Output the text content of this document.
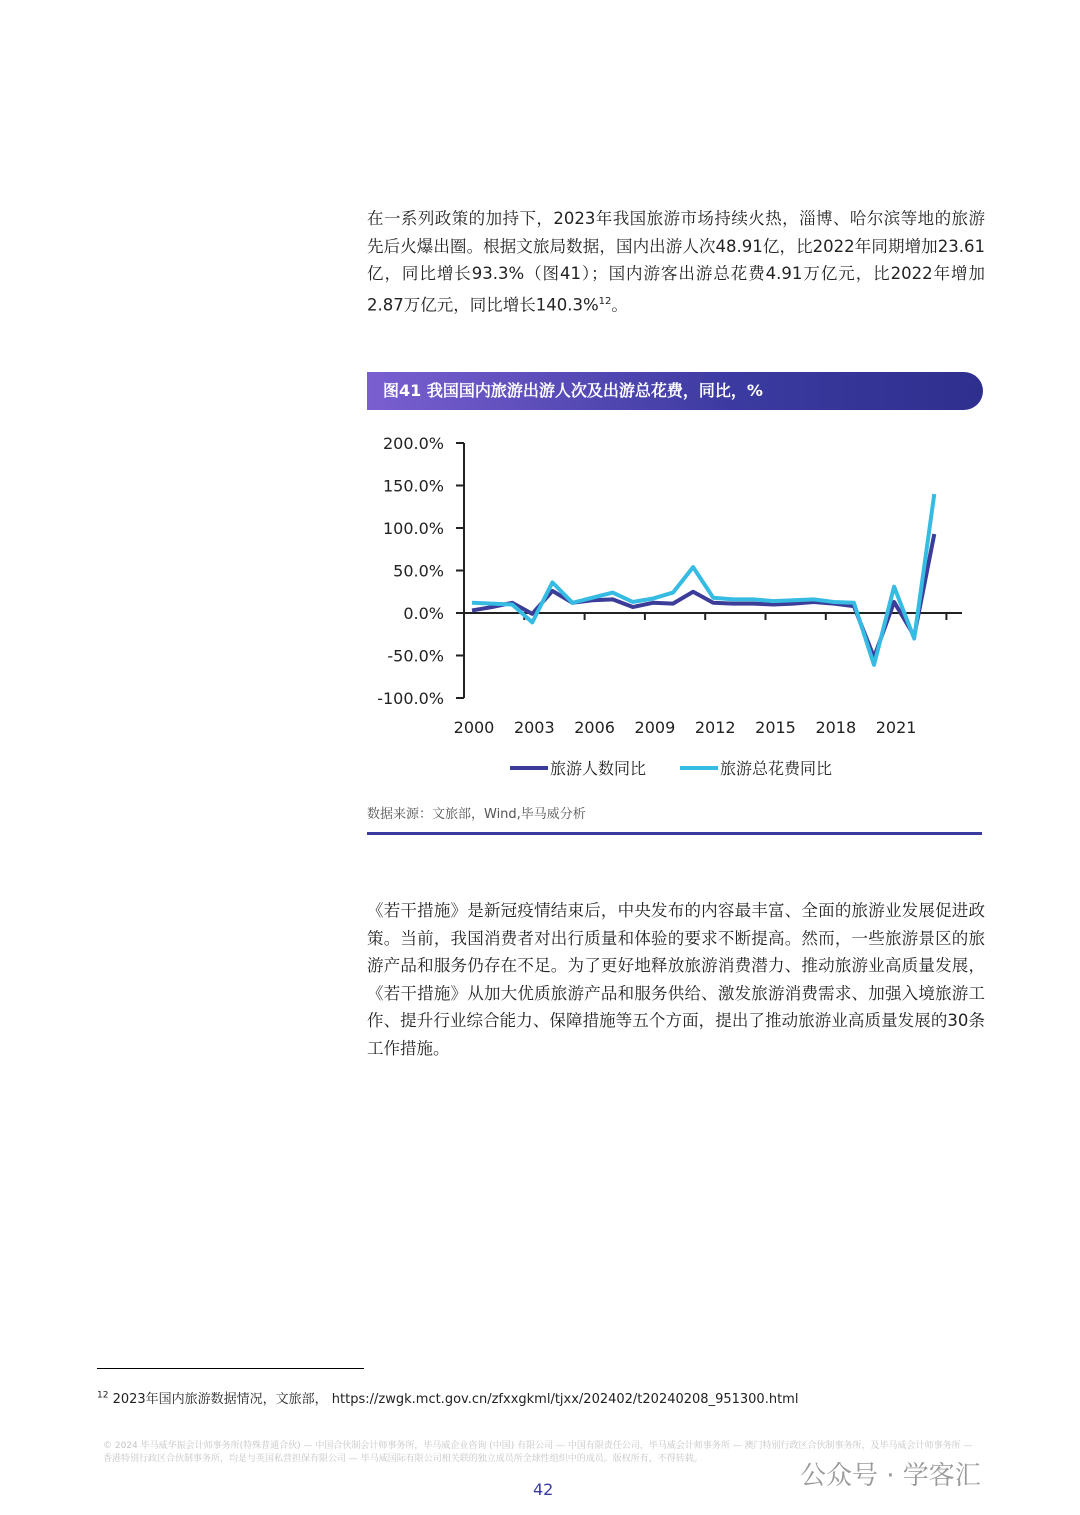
在一系列政策的加持下，2023年我国旅游市场持续火热，淄博、哈尔滨等地的旅游先后火爆出圈。根据文旅局数据，国内出游人次48.91亿，比2022年同期增加23.61亿，同比增长93.3%（图41）；国内游客出游总花费4.91万亿元，比2022年增加2.87万亿元，同比增长140.3%$^{12}$。

图41 我国国内旅游出游人次及出游总花费，同比，%
200.0%
150.0%
100.0%
50.0%
0.0%
-50.0%
-100.0%
2000 2003 2006 2009 2012 2015 2018 2021
旅游人数同比	旅游总花费同比
数据来源：文旅部，Wind,毕马威分析

《若干措施》是新冠疫情结束后，中央发布的内容最丰富、全面的旅游业发展促进政策。当前，我国消费者对出行质量和体验的要求不断提高。然而，一些旅游景区的旅游产品和服务仍存在不足。为了更好地释放旅游消费潜力、推动旅游业高质量发展，《若干措施》从加大优质旅游产品和服务供给、激发旅游消费需求、加强入境旅游工作、提升行业综合能力、保障措施等五个方面，提出了推动旅游业高质量发展的30条工作措施。

$^{12}$ 2023年国内旅游数据情况，文旅部， https://zwgk.mct.gov.cn/zfxxgkml/tjxx/202402/t20240208_951300.html
© 2024 毕马威华振会计师事务所(特殊普通合伙) — 中国合伙制会计师事务所，毕马威企业咨询 (中国) 有限公司 — 中国有限责任公司，毕马威会计师事务所 — 澳门特别行政区合伙制事务所，及毕马威会计师事务所 — 香港特别行政区合伙制事务所，均是与英国私营担保有限公司 — 毕马威国际有限公司相关联的独立成员所全球性组织中的成员。版权所有，不得转载。
公众号 · 学客汇
42
